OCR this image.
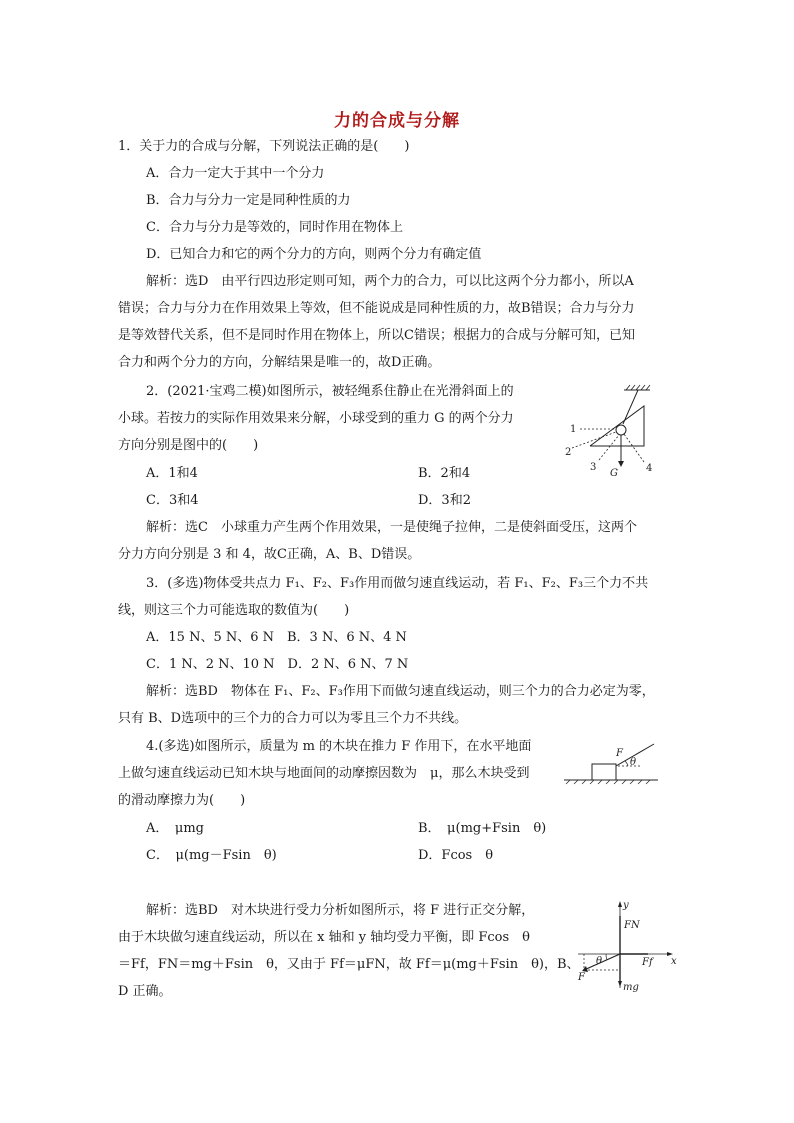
力的合成与分解
1．关于力的合成与分解，下列说法正确的是(　　)
A．合力一定大于其中一个分力
B．合力与分力一定是同种性质的力
C．合力与分力是等效的，同时作用在物体上
D．已知合力和它的两个分力的方向，则两个分力有确定值
解析：选D　由平行四边形定则可知，两个力的合力，可以比这两个分力都小，所以A
错误；合力与分力在作用效果上等效，但不能说成是同种性质的力，故B错误；合力与分力
是等效替代关系，但不是同时作用在物体上，所以C错误；根据力的合成与分解可知，已知
合力和两个分力的方向，分解结果是唯一的，故D正确。
2．(2021·宝鸡二模)如图所示，被轻绳系住静止在光滑斜面上的
小球。若按力的实际作用效果来分解，小球受到的重力 G 的两个分力
方向分别是图中的(　　)
A．1和4	B．2和4
C．3和4	D．3和2
解析：选C　小球重力产生两个作用效果，一是使绳子拉伸，二是使斜面受压，这两个
分力方向分别是 3 和 4，故C正确，A、B、D错误。
1
2
3	4
G
3．(多选)物体受共点力 F₁、F₂、F₃作用而做匀速直线运动，若 F₁、F₂、F₃三个力不共
线，则这三个力可能选取的数值为(　　)
A．15 N、5 N、6 N　B．3 N、6 N、4 N
C．1 N、2 N、10 N　D．2 N、6 N、7 N
解析：选BD　物体在 F₁、F₂、F₃作用下而做匀速直线运动，则三个力的合力必定为零，
只有 B、D选项中的三个力的合力可以为零且三个力不共线。
4.(多选)如图所示，质量为 m 的木块在推力 F 作用下，在水平地面
上做匀速直线运动已知木块与地面间的动摩擦因数为　μ，那么木块受到
的滑动摩擦力为(　　)
A．　μmg	B．　μ(mg+Fsin　θ)
C．　μ(mg－Fsin　θ)	D．Fcos　θ
F
θ
解析：选BD　对木块进行受力分析如图所示，将 F 进行正交分解，
由于木块做匀速直线运动，所以在 x 轴和 y 轴均受力平衡，即 Fcos　θ
＝Ff，FN＝mg＋Fsin　θ，又由于 Ff＝μFN，故 Ff＝μ(mg＋Fsin　θ)，B、
D 正确。
y
x
FN
Ff
F
θ
mg
